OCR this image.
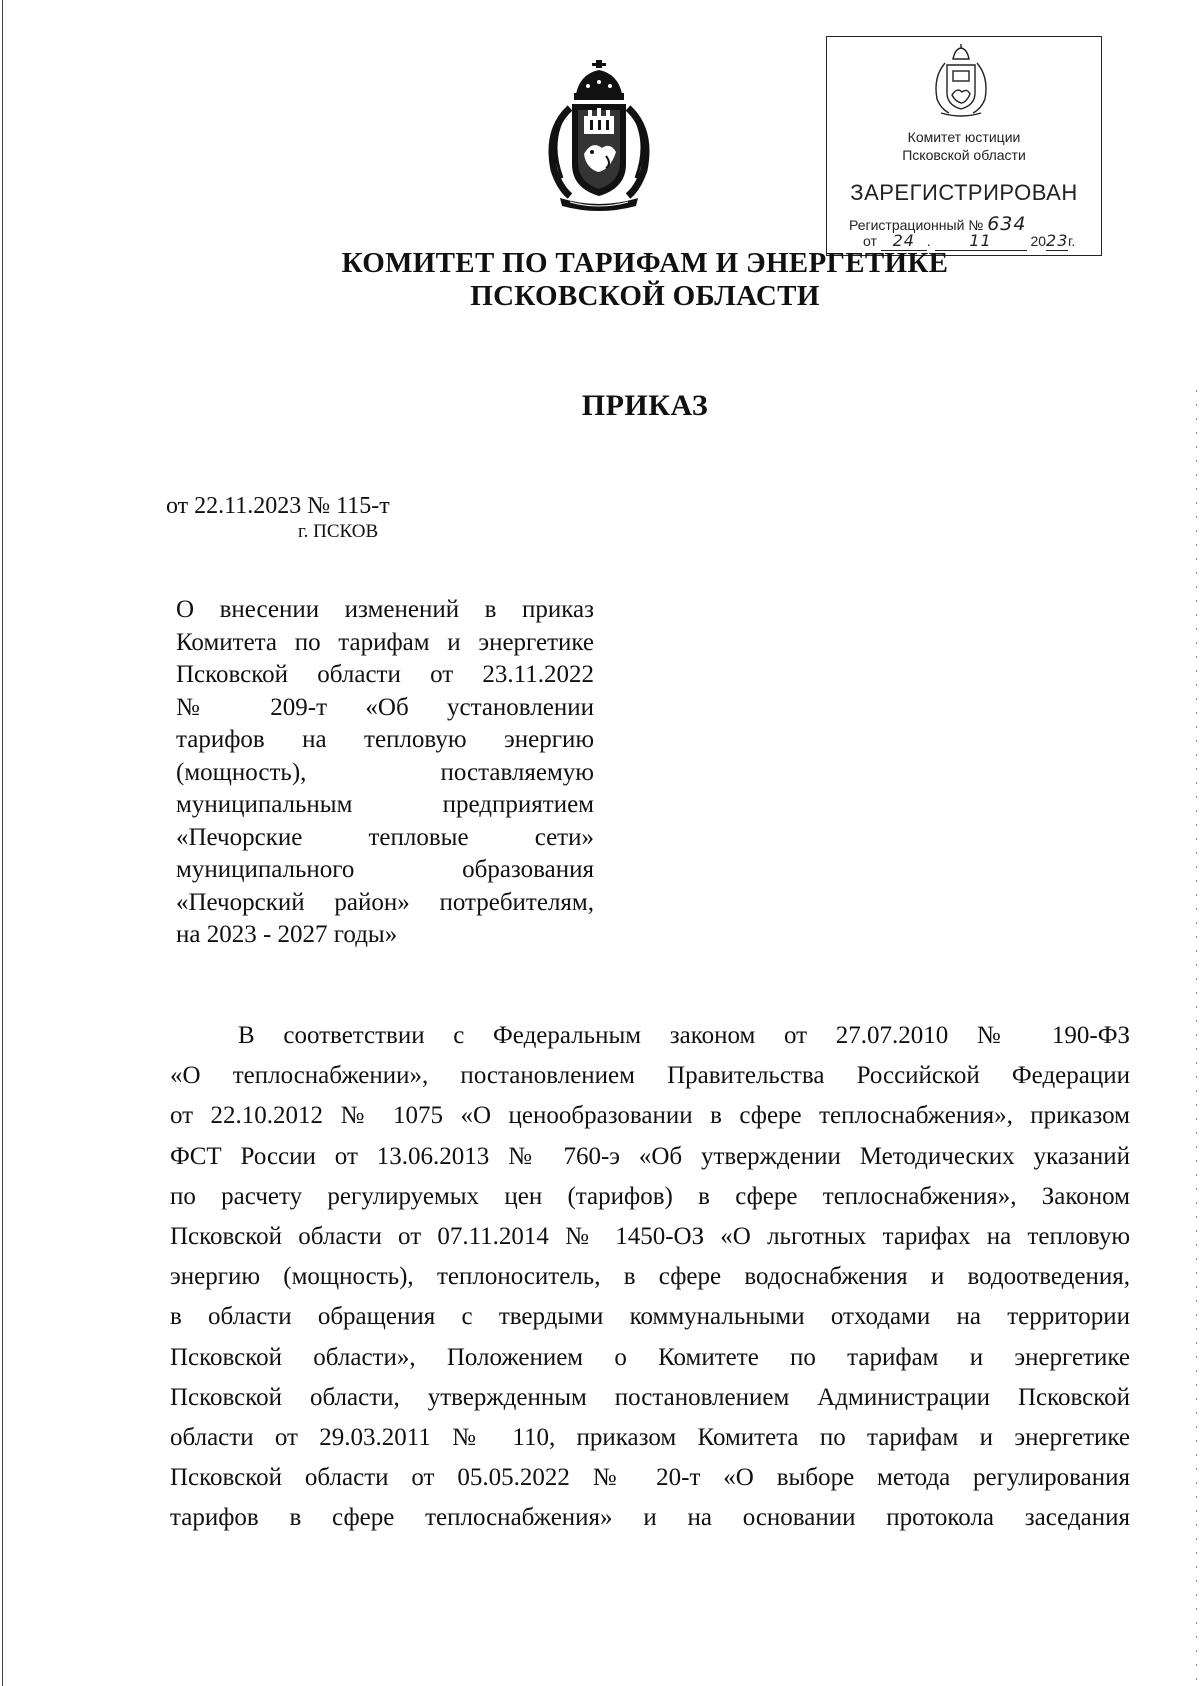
Комитет юстиции
Псковской области
ЗАРЕГИСТРИРОВАН
Регистрационный № 634
от 24 . 11	2023г.
КОМИТЕТ ПО ТАРИФАМ И ЭНЕРГЕТИКЕ
ПСКОВСКОЙ ОБЛАСТИ
ПРИКАЗ
от 22.11.2023 № 115-т
г. ПСКОВ
О внесении изменений в приказ
Комитета по тарифам и энергетике
Псковской области от 23.11.2022
№ 209-т «Об установлении
тарифов на тепловую энергию
(мощность), поставляемую
муниципальным предприятием
«Печорские тепловые сети»
муниципального образования
«Печорский район» потребителям,
на 2023 - 2027 годы»
В соответствии с Федеральным законом от 27.07.2010 № 190-ФЗ
«О теплоснабжении», постановлением Правительства Российской Федерации
от 22.10.2012 № 1075 «О ценообразовании в сфере теплоснабжения», приказом
ФСТ России от 13.06.2013 № 760-э «Об утверждении Методических указаний
по расчету регулируемых цен (тарифов) в сфере теплоснабжения», Законом
Псковской области от 07.11.2014 № 1450-ОЗ «О льготных тарифах на тепловую
энергию (мощность), теплоноситель, в сфере водоснабжения и водоотведения,
в области обращения с твердыми коммунальными отходами на территории
Псковской области», Положением о Комитете по тарифам и энергетике
Псковской области, утвержденным постановлением Администрации Псковской
области от 29.03.2011 № 110, приказом Комитета по тарифам и энергетике
Псковской области от 05.05.2022 № 20-т «О выборе метода регулирования
тарифов в сфере теплоснабжения» и на основании протокола заседания
